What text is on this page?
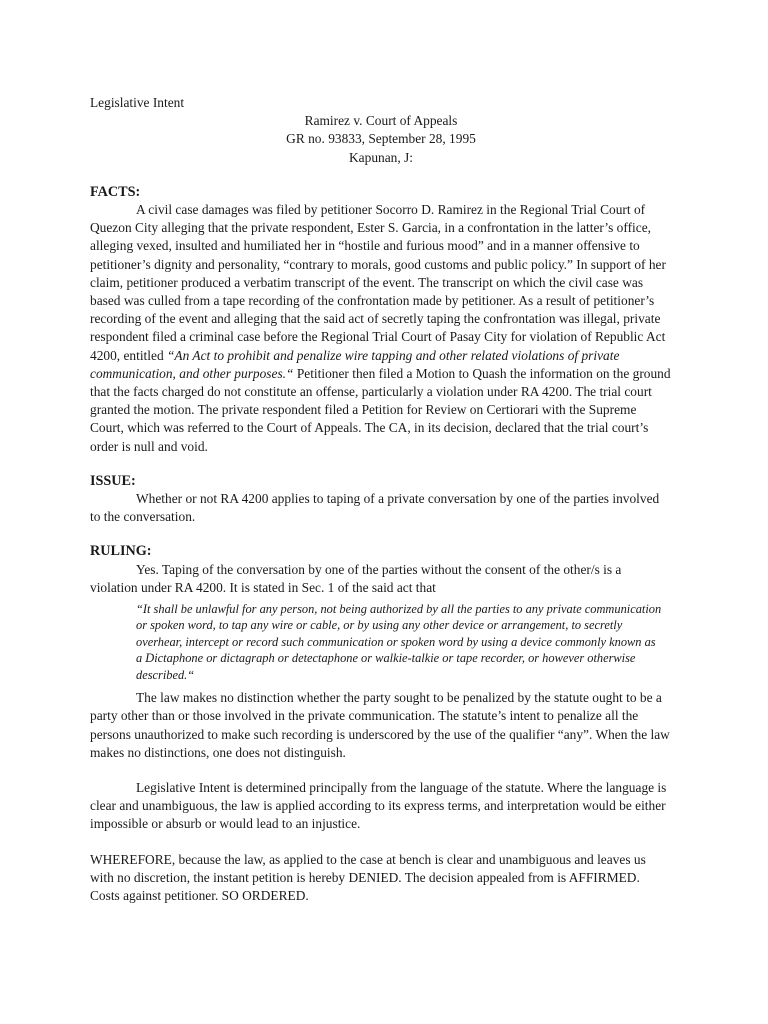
Legislative Intent

Ramirez v. Court of Appeals
GR no. 93833, September 28, 1995
Kapunan, J:
FACTS:

A civil case damages was filed by petitioner Socorro D. Ramirez in the Regional Trial Court of Quezon City alleging that the private respondent, Ester S. Garcia, in a confrontation in the latter’s office, alleging vexed, insulted and humiliated her in “hostile and furious mood” and in a manner offensive to petitioner’s dignity and personality, “contrary to morals, good customs and public policy.” In support of her claim, petitioner produced a verbatim transcript of the event. The transcript on which the civil case was based was culled from a tape recording of the confrontation made by petitioner. As a result of petitioner’s recording of the event and alleging that the said act of secretly taping the confrontation was illegal, private respondent filed a criminal case before the Regional Trial Court of Pasay City for violation of Republic Act 4200, entitled “An Act to prohibit and penalize wire tapping and other related violations of private communication, and other purposes.“ Petitioner then filed a Motion to Quash the information on the ground that the facts charged do not constitute an offense, particularly a violation under RA 4200. The trial court granted the motion. The private respondent filed a Petition for Review on Certiorari with the Supreme Court, which was referred to the Court of Appeals. The CA, in its decision, declared that the trial court’s order is null and void.

ISSUE:

Whether or not RA 4200 applies to taping of a private conversation by one of the parties involved to the conversation.

RULING:

Yes. Taping of the conversation by one of the parties without the consent of the other/s is a violation under RA 4200. It is stated in Sec. 1 of the said act that

“It shall be unlawful for any person, not being authorized by all the parties to any private communication or spoken word, to tap any wire or cable, or by using any other device or arrangement, to secretly overhear, intercept or record such communication or spoken word by using a device commonly known as a Dictaphone or dictagraph or detectaphone or walkie-talkie or tape recorder, or however otherwise described.“

The law makes no distinction whether the party sought to be penalized by the statute ought to be a party other than or those involved in the private communication. The statute’s intent to penalize all the persons unauthorized to make such recording is underscored by the use of the qualifier “any”. When the law makes no distinctions, one does not distinguish.

Legislative Intent is determined principally from the language of the statute. Where the language is clear and unambiguous, the law is applied according to its express terms, and interpretation would be either impossible or absurb or would lead to an injustice.

WHEREFORE, because the law, as applied to the case at bench is clear and unambiguous and leaves us with no discretion, the instant petition is hereby DENIED. The decision appealed from is AFFIRMED. Costs against petitioner. SO ORDERED.
